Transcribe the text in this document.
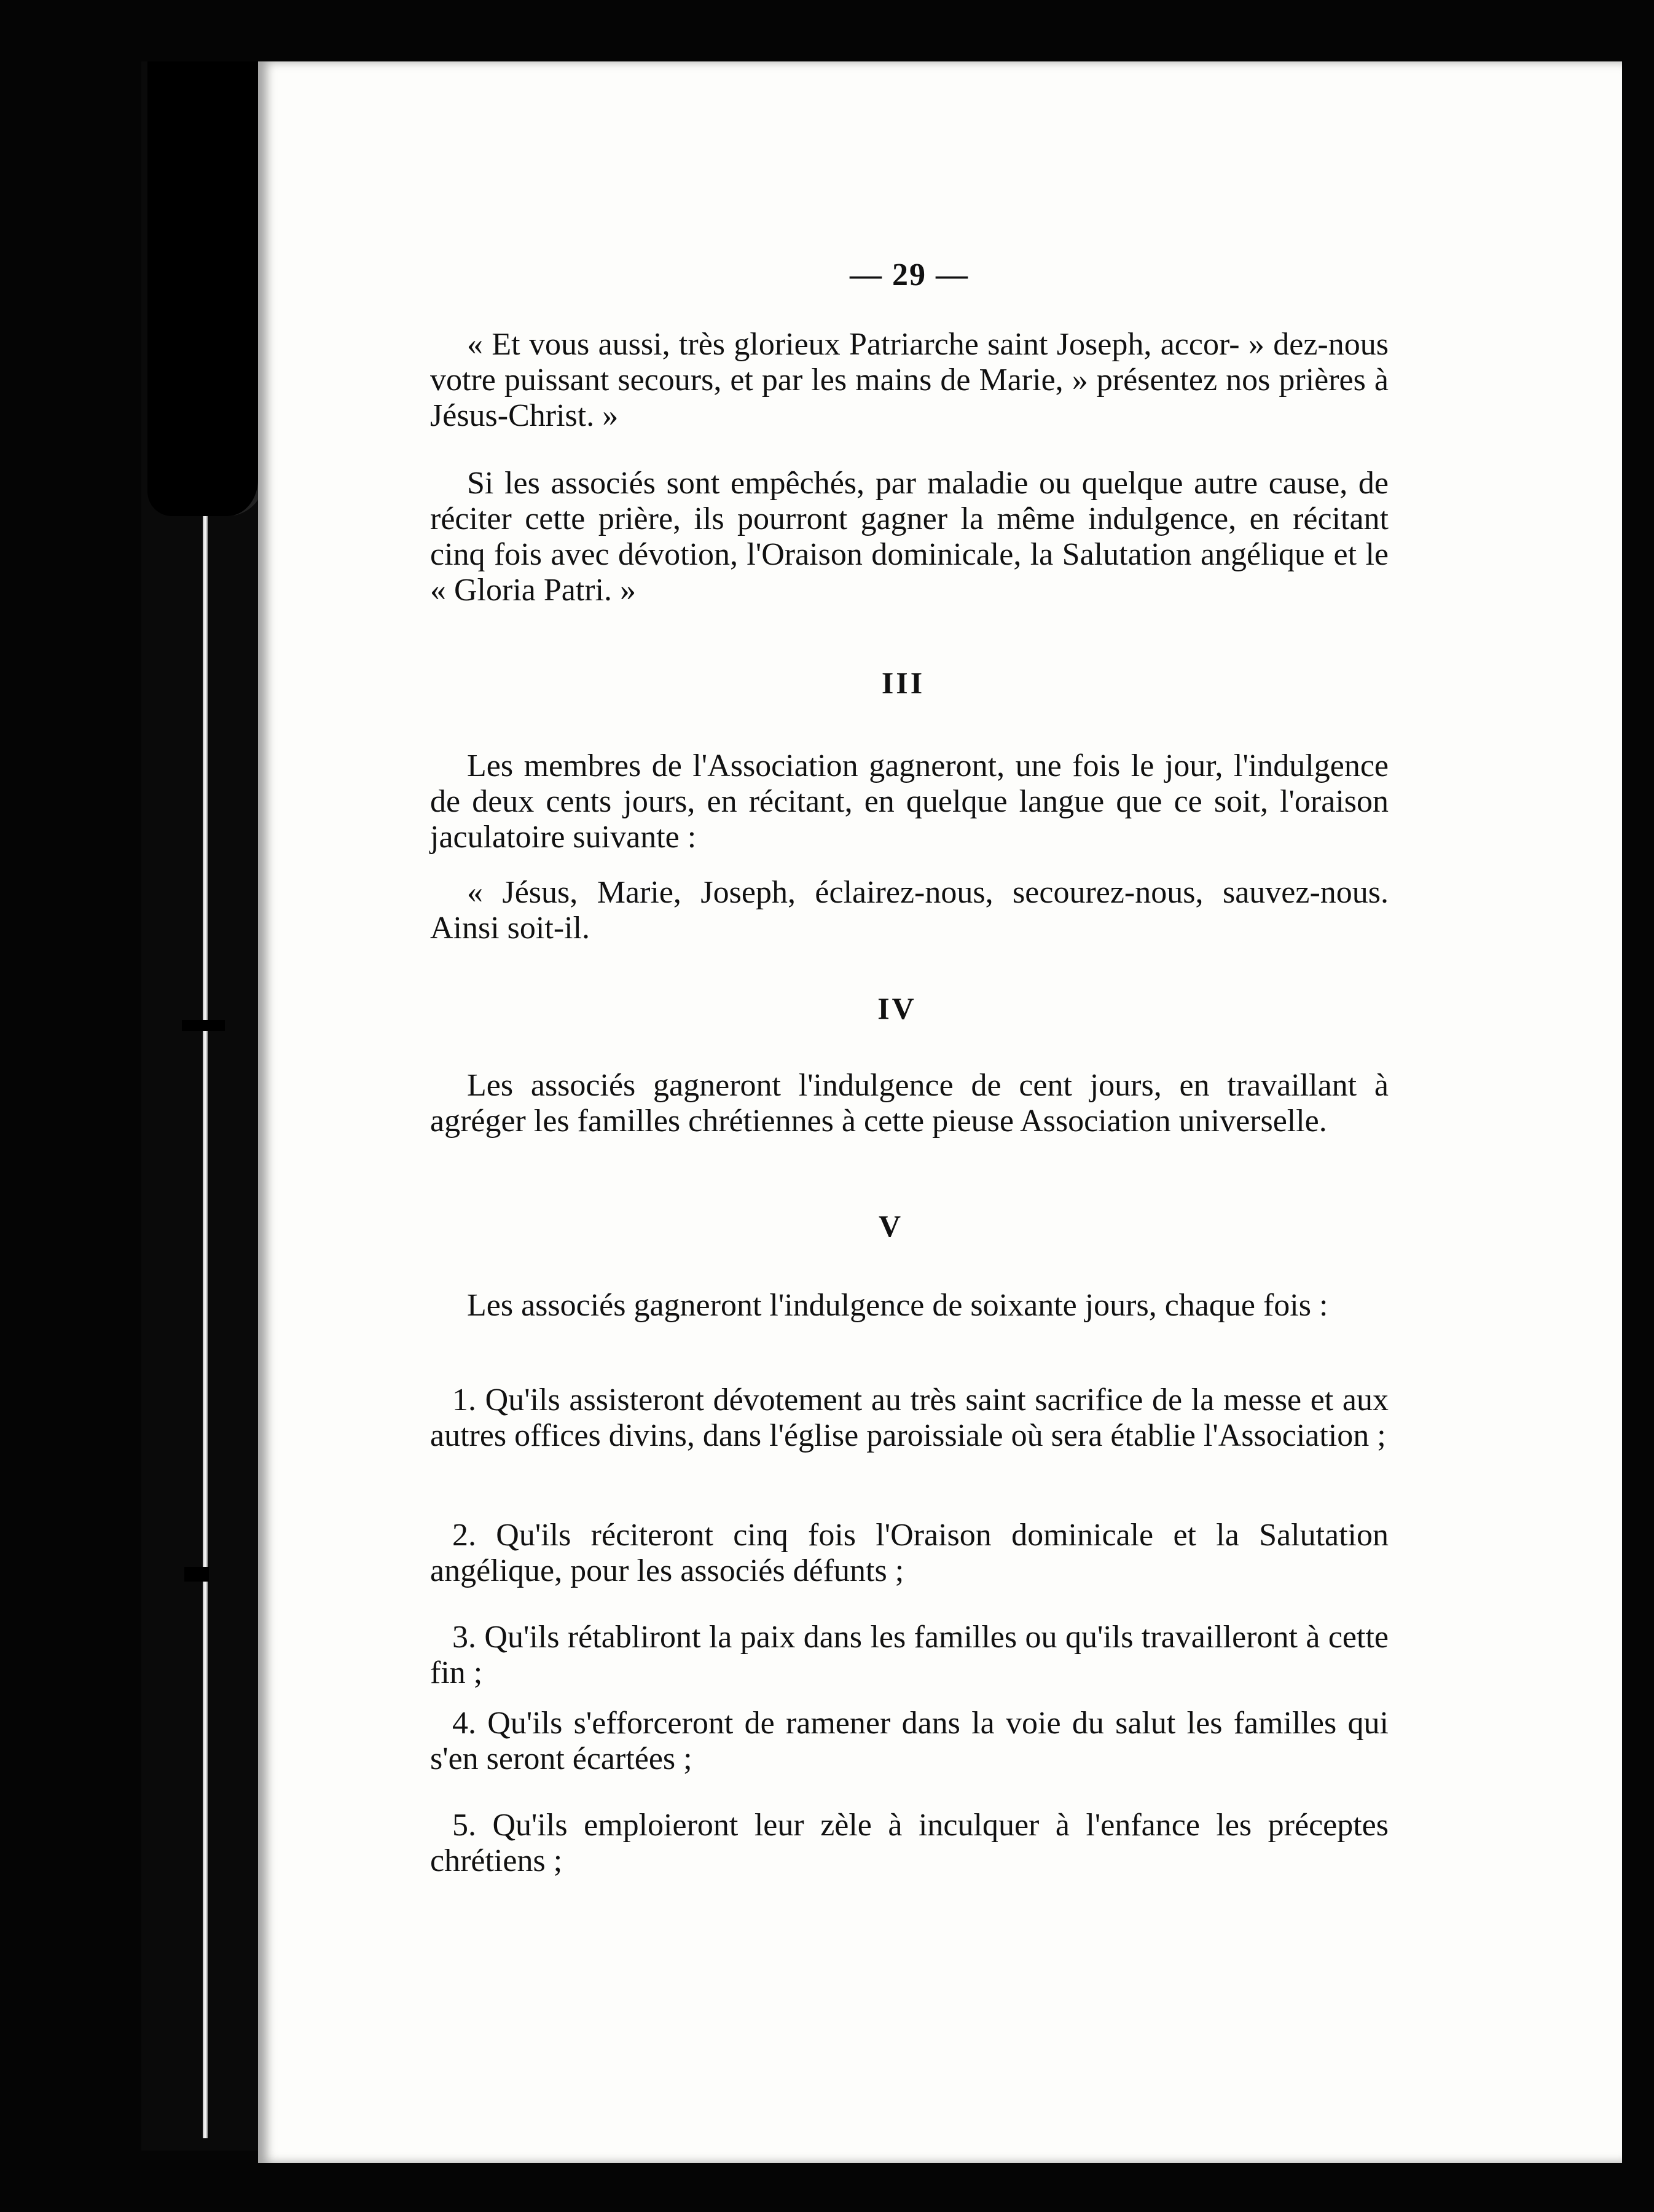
— 29 —

« Et vous aussi, très glorieux Patriarche saint Joseph, accor- » dez-nous votre puissant secours, et par les mains de Marie, » présentez nos prières à Jésus-Christ. »

Si les associés sont empêchés, par maladie ou quelque autre cause, de réciter cette prière, ils pourront gagner la même indulgence, en récitant cinq fois avec dévotion, l'Oraison dominicale, la Salutation angélique et le « Gloria Patri. »

III

Les membres de l'Association gagneront, une fois le jour, l'indulgence de deux cents jours, en récitant, en quelque langue que ce soit, l'oraison jaculatoire suivante :

« Jésus, Marie, Joseph, éclairez-nous, secourez-nous, sauvez-nous. Ainsi soit-il.

IV

Les associés gagneront l'indulgence de cent jours, en travaillant à agréger les familles chrétiennes à cette pieuse Association universelle.

V

Les associés gagneront l'indulgence de soixante jours, chaque fois :

1. Qu'ils assisteront dévotement au très saint sacrifice de la messe et aux autres offices divins, dans l'église paroissiale où sera établie l'Association ;

2. Qu'ils réciteront cinq fois l'Oraison dominicale et la Salutation angélique, pour les associés défunts ;

3. Qu'ils rétabliront la paix dans les familles ou qu'ils travailleront à cette fin ;

4. Qu'ils s'efforceront de ramener dans la voie du salut les familles qui s'en seront écartées ;

5. Qu'ils emploieront leur zèle à inculquer à l'enfance les préceptes chrétiens ;
